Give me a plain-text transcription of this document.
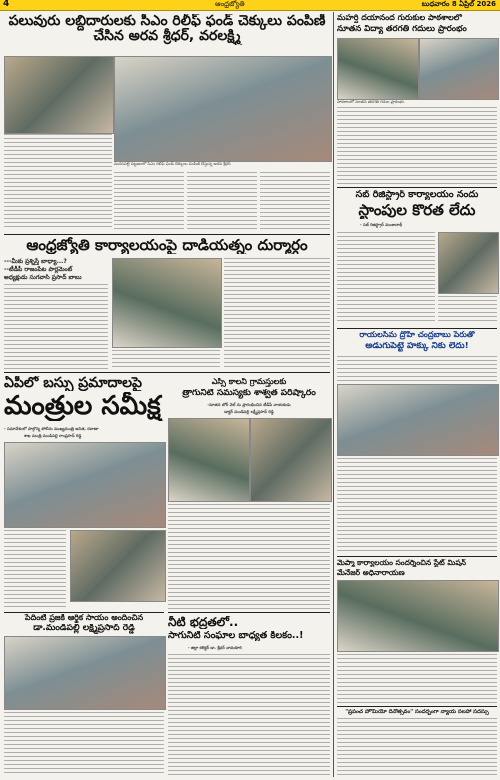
4	ఆంధ్రజ్యోతి	బుధవారం 8 ఏప్రిల్ 2026
పలువురు లబ్దిదారులకు సీఎం రిలీఫ్ ఫండ్ చెక్కులు పంపిణీ
చేసిన అరవ శ్రీధర్, వరలక్ష్మి
మదనపల్లె పట్టణంలో సీఎం రిలీఫ్ ఫండ్ చెక్కులు పంపిణీ చేస్తున్న అరవ శ్రీధర్
ఆంధ్రజ్యోతి కార్యాలయంపై దాడియత్నం దుర్మార్గం
---మీకు ప్రశ్నిస్తే బాధ్యా...?
--టీడీపీ రాజంపేట పార్లమెంట్
అధ్యక్షుడు సుగవాసి ప్రసాద్ బాబు
ఏపీలో బస్సు ప్రమాదాలపై
మంత్రుల సమీక్ష
- సమావేశంలో పాల్గొన్న పోలీసు ముఖ్యమంత్రి అనిత, రవాణా
శాఖ మంత్రి మండిపల్లి రాంప్రసాద్ రెడ్డి
ఎస్సీ కాలనీ గ్రామస్తులకు
త్రాగునీటి సమస్యకు శాశ్వత పరిష్కారం
-నూతన బోర్ వెల్ ను ప్రారంభించిన టీడీపీ నాయకుడు
డాక్టర్ మండిపల్లి లక్ష్మీప్రసాద్ రెడ్డి
పేదింటి ప్రజకి ఆర్థిక సాయం అందించిన
డా.మండిపల్లి లక్ష్మీప్రసాద్ రెడ్డి	నీటి భద్రతలో..
సాగునీటి సంఘాల బాధ్యత కీలకం..!
- జిల్లా కలెక్టర్ డా. శ్రీధర్ చామకూరి
మహర్షి దయానంద గురుకుల పాఠశాలలో
నూతన విద్యా తరగతి గదులు ప్రారంభం
పాఠశాలలో నూతన తరగతి గదుల ప్రారంభం
సబ్ రిజిస్ట్రార్ కార్యాలయం నందు
స్టాంపుల కొరత లేదు
- సబ్ రిజిస్ట్రార్ మంజునాథ్
రాయలసీమ ద్రోహి చంద్రబాబు పేరుతో
అడుగుపెట్టే హక్కు నీకు లేదు!
మెప్మా కార్యాలయం సందర్శించిన స్టేట్ మిషన్
మేనేజర్ అధినారాయణ
"ప్రపంచ హోమియో దినోత్సవం" సందర్భంగా న్యాయ సలహా సదస్సు
